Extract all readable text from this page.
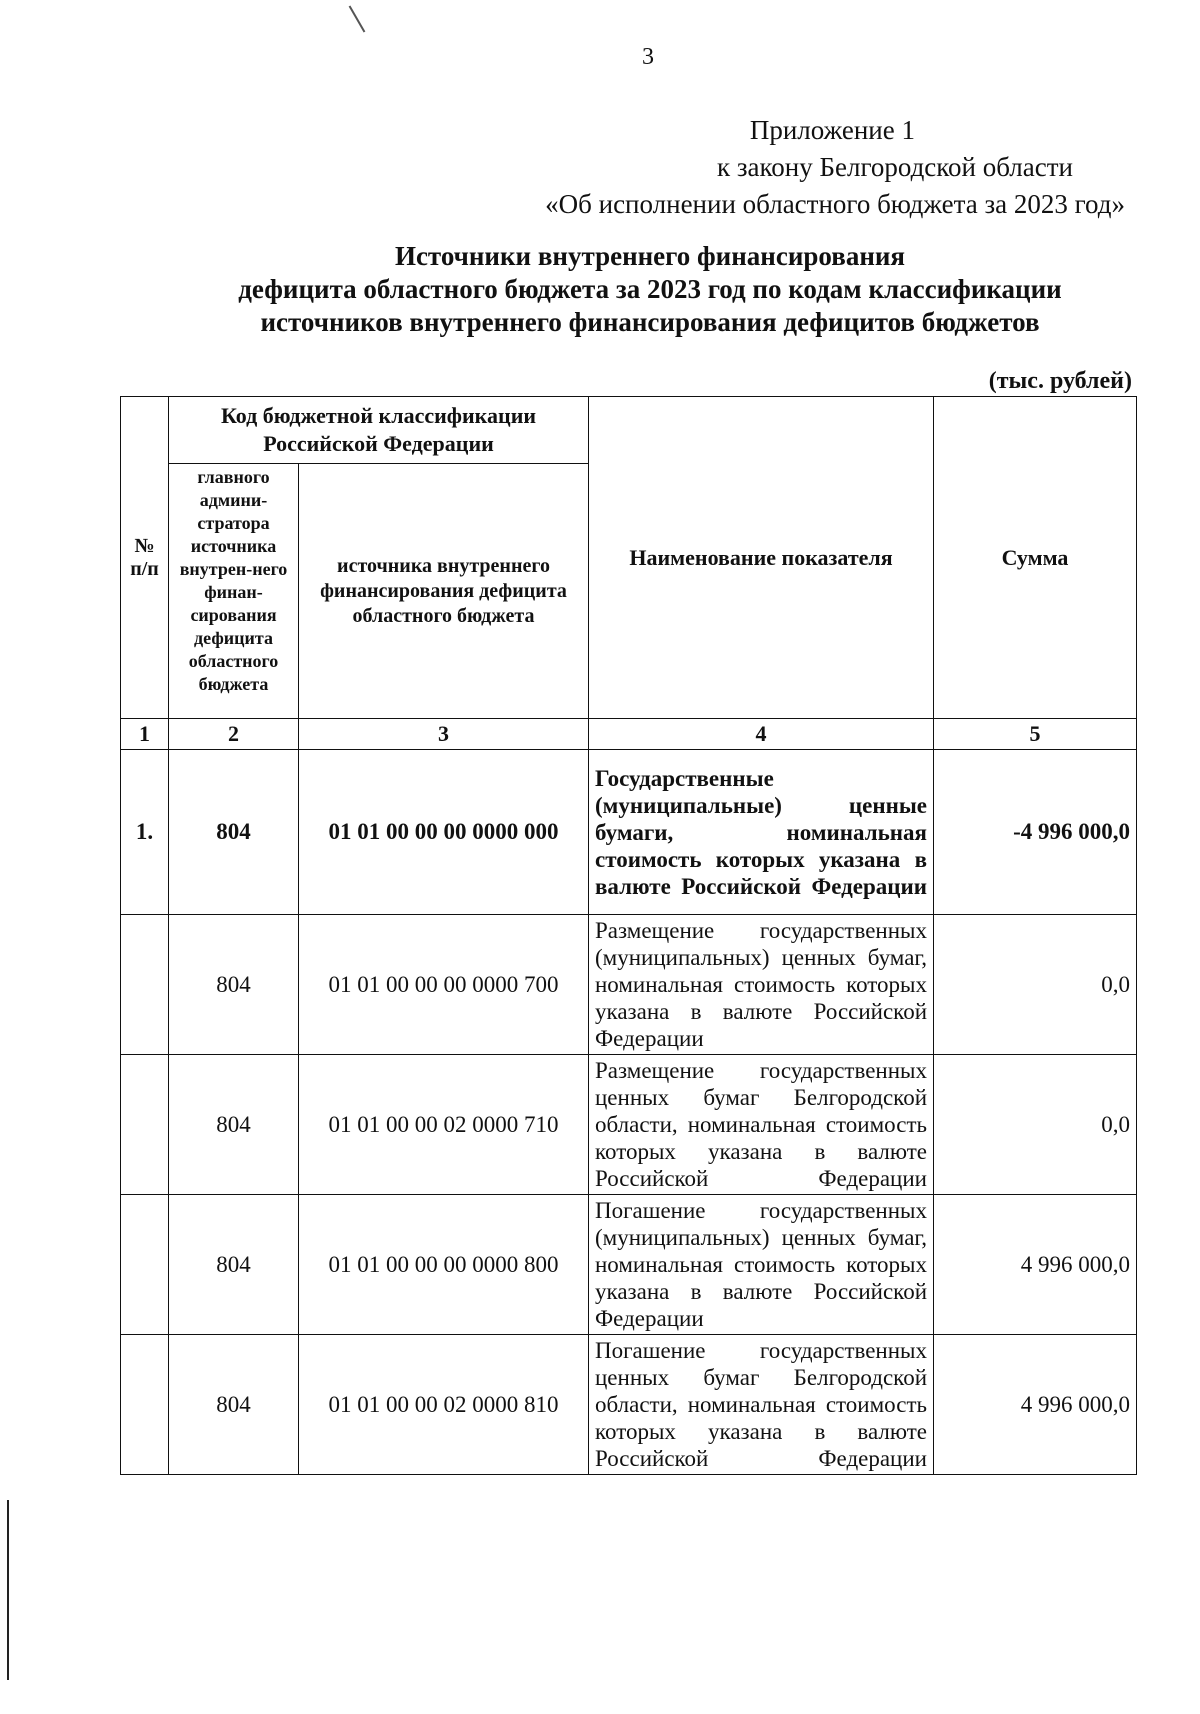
3
Приложение 1
к закону Белгородской области
«Об исполнении областного бюджета за 2023 год»
Источники внутреннего финансирования
дефицита областного бюджета за 2023 год по кодам классификации
источников внутреннего финансирования дефицитов бюджетов
(тыс. рублей)
№ п/п	Код бюджетной классификации Российской Федерации		Наименование показателя	Сумма
	главного админи-стратора источника внутрен-него финан-сирования дефицита областного бюджета	источника внутреннего финансирования дефицита областного бюджета		
1	2	3	4	5
1.	804	01 01 00 00 00 0000 000	Государственные (муниципальные) ценные бумаги, номинальная стоимость которых указана в валюте Российской Федерации	-4 996 000,0
	804	01 01 00 00 00 0000 700	Размещение государственных (муниципальных) ценных бумаг, номинальная стоимость которых указана в валюте Российской Федерации	0,0
	804	01 01 00 00 02 0000 710	Размещение государственных ценных бумаг Белгородской области, номинальная стоимость которых указана в валюте Российской Федерации	0,0
	804	01 01 00 00 00 0000 800	Погашение государственных (муниципальных) ценных бумаг, номинальная стоимость которых указана в валюте Российской Федерации	4 996 000,0
	804	01 01 00 00 02 0000 810	Погашение государственных ценных бумаг Белгородской области, номинальная стоимость которых указана в валюте Российской Федерации	4 996 000,0
